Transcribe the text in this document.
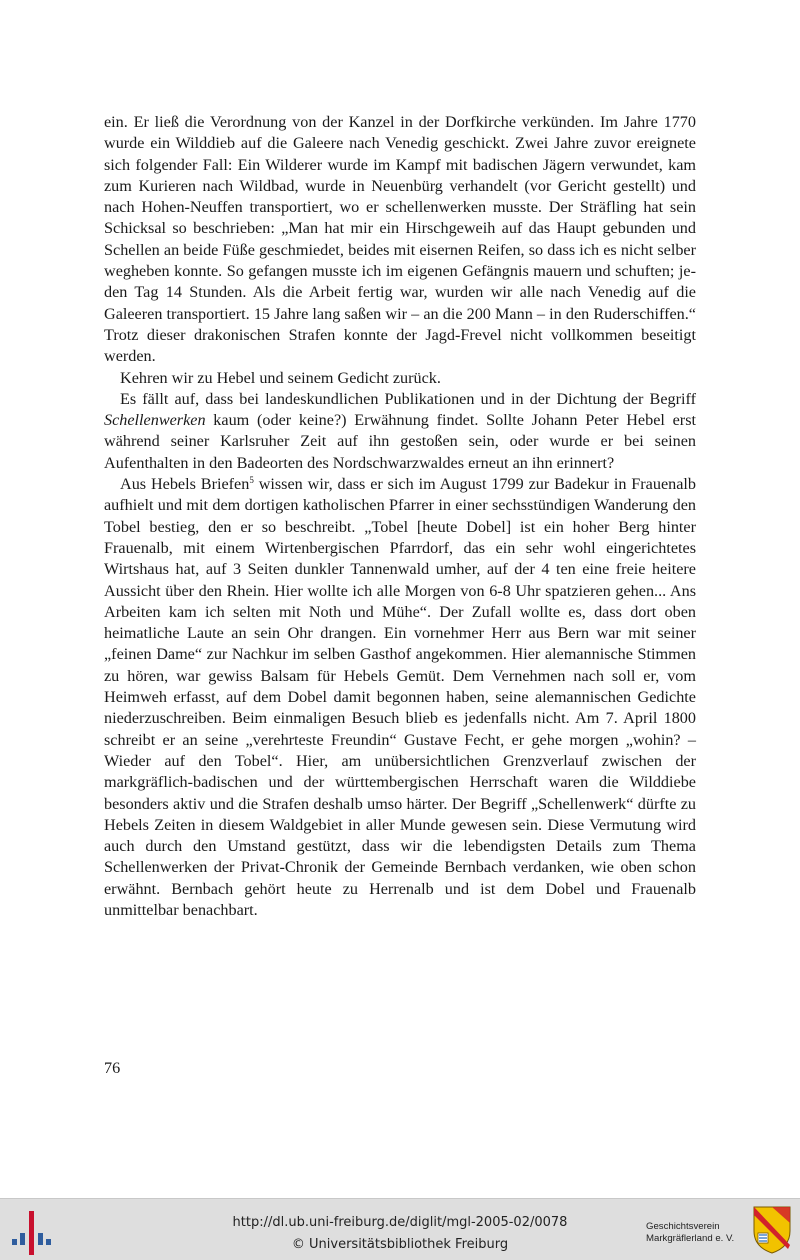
ein. Er ließ die Verordnung von der Kanzel in der Dorfkirche verkünden. Im Jahre 1770 wurde ein Wilddieb auf die Galeere nach Venedig geschickt. Zwei Jahre zuvor ereignete sich folgender Fall: Ein Wilderer wurde im Kampf mit badischen Jägern verwundet, kam zum Kurieren nach Wildbad, wurde in Neuenbürg verhandelt (vor Gericht gestellt) und nach Hohen-Neuffen transportiert, wo er schellenwerken musste. Der Sträfling hat sein Schicksal so beschrieben: „Man hat mir ein Hirschgeweih auf das Haupt gebunden und Schellen an beide Füße geschmiedet, beides mit eisernen Reifen, so dass ich es nicht selber wegheben konnte. So gefangen musste ich im eigenen Gefängnis mauern und schuften; jeden Tag 14 Stunden. Als die Arbeit fertig war, wurden wir alle nach Venedig auf die Galeeren transportiert. 15 Jahre lang saßen wir – an die 200 Mann – in den Ruderschiffen.“ Trotz dieser drakonischen Strafen konnte der Jagd-Frevel nicht vollkommen beseitigt werden.

Kehren wir zu Hebel und seinem Gedicht zurück.

Es fällt auf, dass bei landeskundlichen Publikationen und in der Dichtung der Begriff Schellenwerken kaum (oder keine?) Erwähnung findet. Sollte Johann Peter Hebel erst während seiner Karlsruher Zeit auf ihn gestoßen sein, oder wurde er bei seinen Aufenthalten in den Badeorten des Nordschwarzwaldes erneut an ihn erinnert?

Aus Hebels Briefen$^5$ wissen wir, dass er sich im August 1799 zur Badekur in Frauenalb aufhielt und mit dem dortigen katholischen Pfarrer in einer sechsstündigen Wanderung den Tobel bestieg, den er so beschreibt. „Tobel [heute Dobel] ist ein hoher Berg hinter Frauenalb, mit einem Wirtenbergischen Pfarrdorf, das ein sehr wohl eingerichtetes Wirtshaus hat, auf 3 Seiten dunkler Tannenwald umher, auf der 4 ten eine freie heitere Aussicht über den Rhein. Hier wollte ich alle Morgen von 6-8 Uhr spatzieren gehen... Ans Arbeiten kam ich selten mit Noth und Mühe“. Der Zufall wollte es, dass dort oben heimatliche Laute an sein Ohr drangen. Ein vornehmer Herr aus Bern war mit seiner „feinen Dame“ zur Nachkur im selben Gasthof angekommen. Hier alemannische Stimmen zu hören, war gewiss Balsam für Hebels Gemüt. Dem Vernehmen nach soll er, vom Heimweh erfasst, auf dem Dobel damit begonnen haben, seine alemannischen Gedichte niederzuschreiben. Beim einmaligen Besuch blieb es jedenfalls nicht. Am 7. April 1800 schreibt er an seine „verehrteste Freundin“ Gustave Fecht, er gehe morgen „wohin? – Wieder auf den Tobel“. Hier, am unübersichtlichen Grenzverlauf zwischen der markgräflich-badischen und der württembergischen Herrschaft waren die Wilddiebe besonders aktiv und die Strafen deshalb umso härter. Der Begriff „Schellenwerk“ dürfte zu Hebels Zeiten in diesem Waldgebiet in aller Munde gewesen sein. Diese Vermutung wird auch durch den Umstand gestützt, dass wir die lebendigsten Details zum Thema Schellenwerken der Privat-Chronik der Gemeinde Bernbach verdanken, wie oben schon erwähnt. Bernbach gehört heute zu Herrenalb und ist dem Dobel und Frauenalb unmittelbar benachbart.

76
http://dl.ub.uni-freiburg.de/diglit/mgl-2005-02/0078
© Universitätsbibliothek Freiburg
Geschichtsverein
Markgräflerland e. V.
